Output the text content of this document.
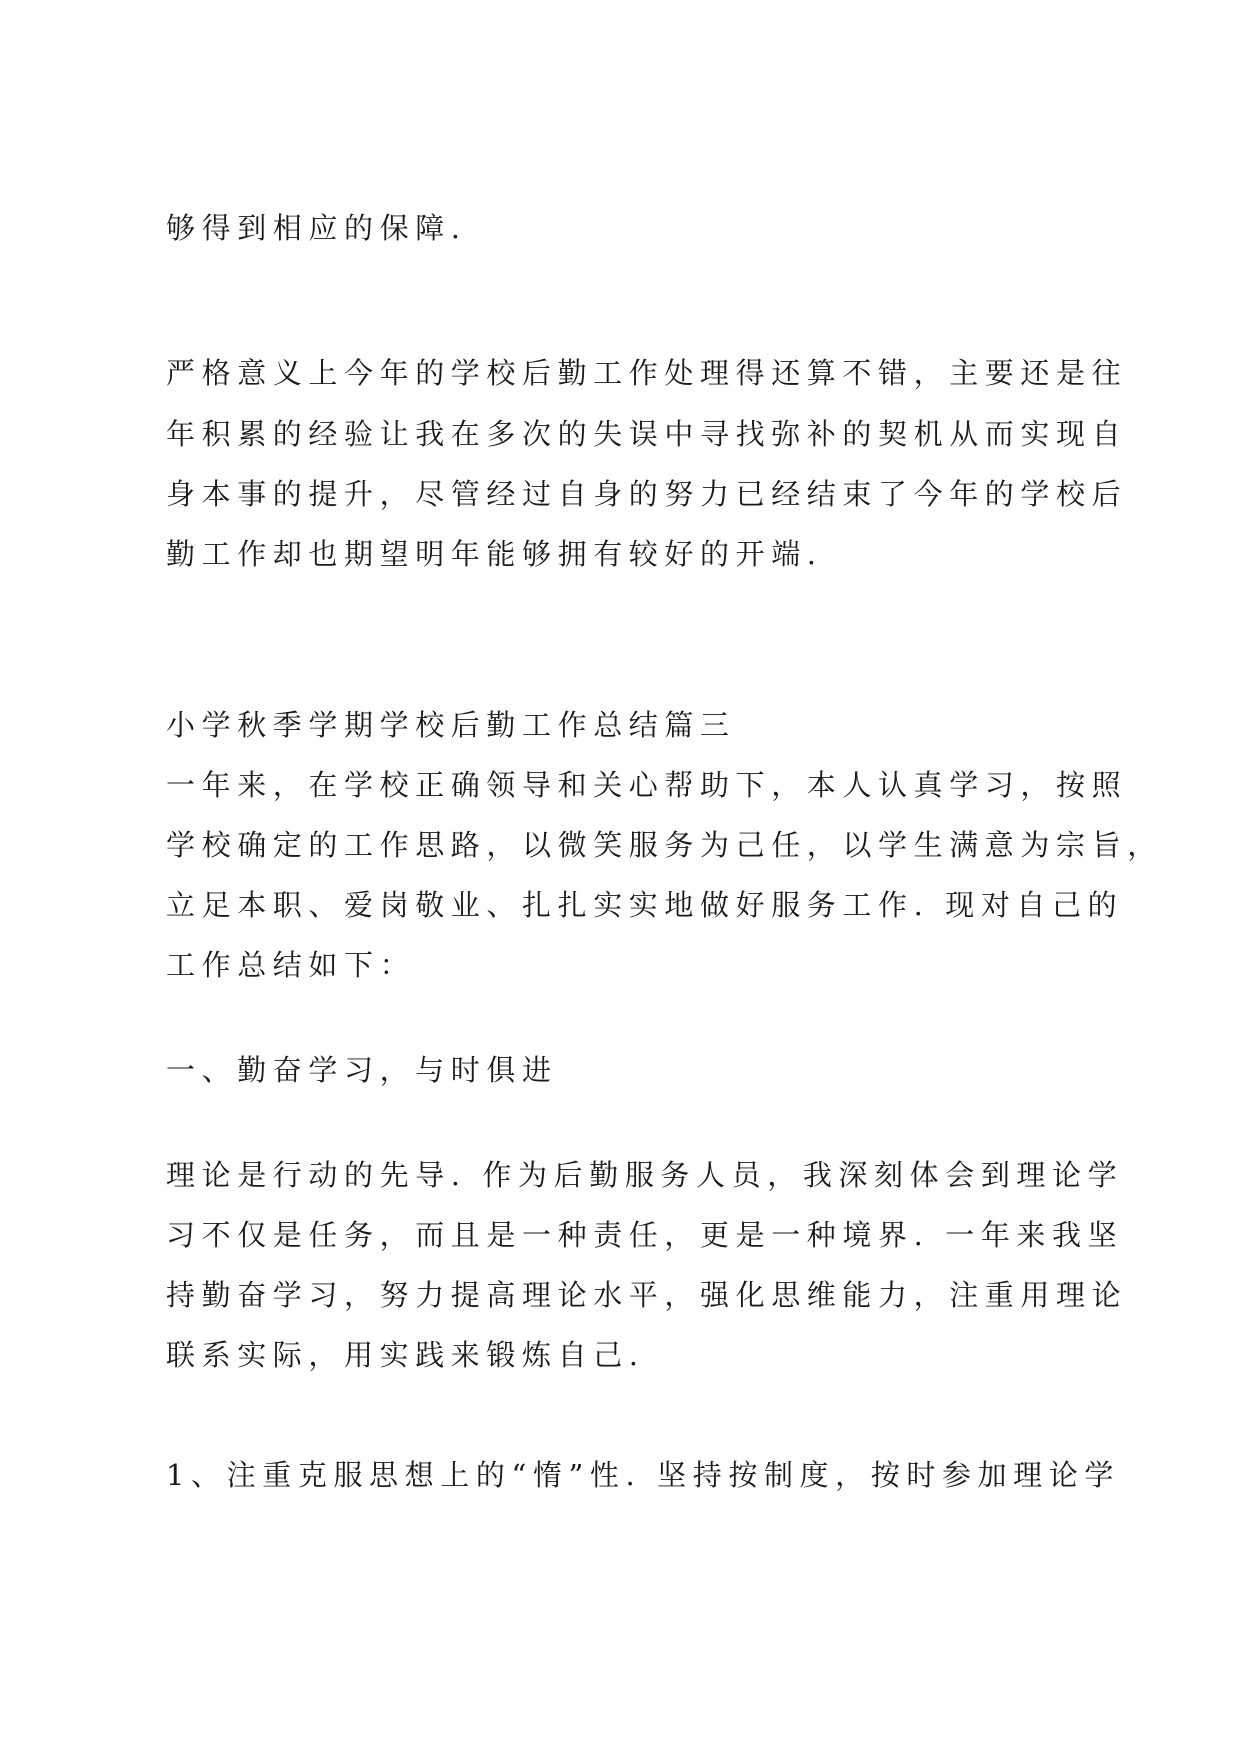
够得到相应的保障.

严格意义上今年的学校后勤工作处理得还算不错，主要还是往

年积累的经验让我在多次的失误中寻找弥补的契机从而实现自

身本事的提升，尽管经过自身的努力已经结束了今年的学校后

勤工作却也期望明年能够拥有较好的开端.

小学秋季学期学校后勤工作总结篇三

一年来，在学校正确领导和关心帮助下，本人认真学习，按照

学校确定的工作思路，以微笑服务为己任，以学生满意为宗旨，

立足本职、爱岗敬业、扎扎实实地做好服务工作. 现对自己的

工作总结如下：

一、勤奋学习，与时俱进

理论是行动的先导. 作为后勤服务人员，我深刻体会到理论学

习不仅是任务，而且是一种责任，更是一种境界. 一年来我坚

持勤奋学习，努力提高理论水平，强化思维能力，注重用理论

联系实际，用实践来锻炼自己.

1、注重克服思想上的“惰”性. 坚持按制度，按时参加理论学
